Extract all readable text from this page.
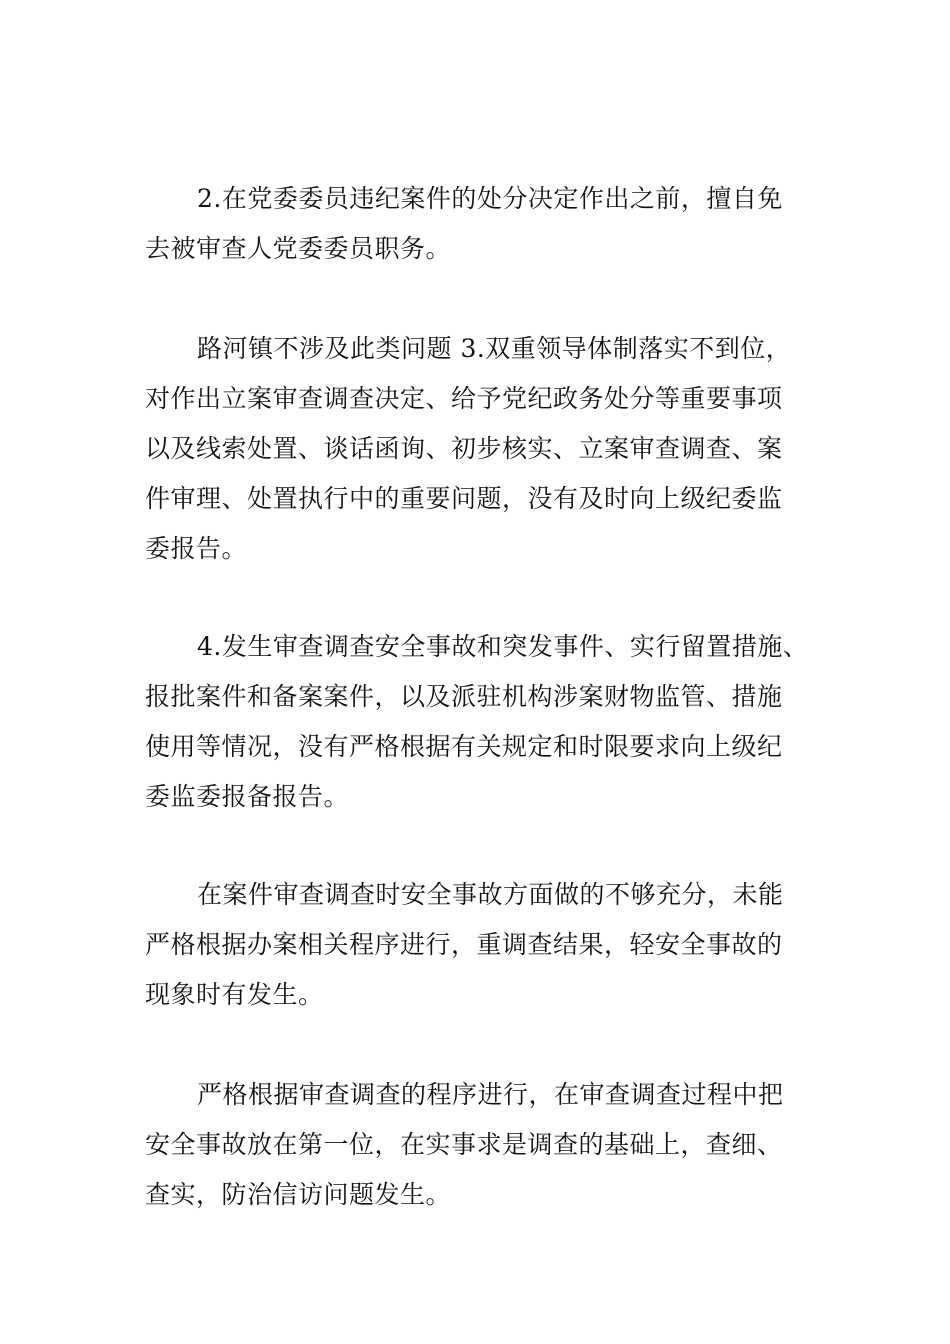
2.在党委委员违纪案件的处分决定作出之前，擅自免
去被审查人党委委员职务。
路河镇不涉及此类问题 3.双重领导体制落实不到位，
对作出立案审查调查决定、给予党纪政务处分等重要事项
以及线索处置、谈话函询、初步核实、立案审查调查、案
件审理、处置执行中的重要问题，没有及时向上级纪委监
委报告。
4.发生审查调查安全事故和突发事件、实行留置措施、
报批案件和备案案件，以及派驻机构涉案财物监管、措施
使用等情况，没有严格根据有关规定和时限要求向上级纪
委监委报备报告。
在案件审查调查时安全事故方面做的不够充分，未能
严格根据办案相关程序进行，重调查结果，轻安全事故的
现象时有发生。
严格根据审查调查的程序进行，在审查调查过程中把
安全事故放在第一位，在实事求是调查的基础上，查细、
查实，防治信访问题发生。
